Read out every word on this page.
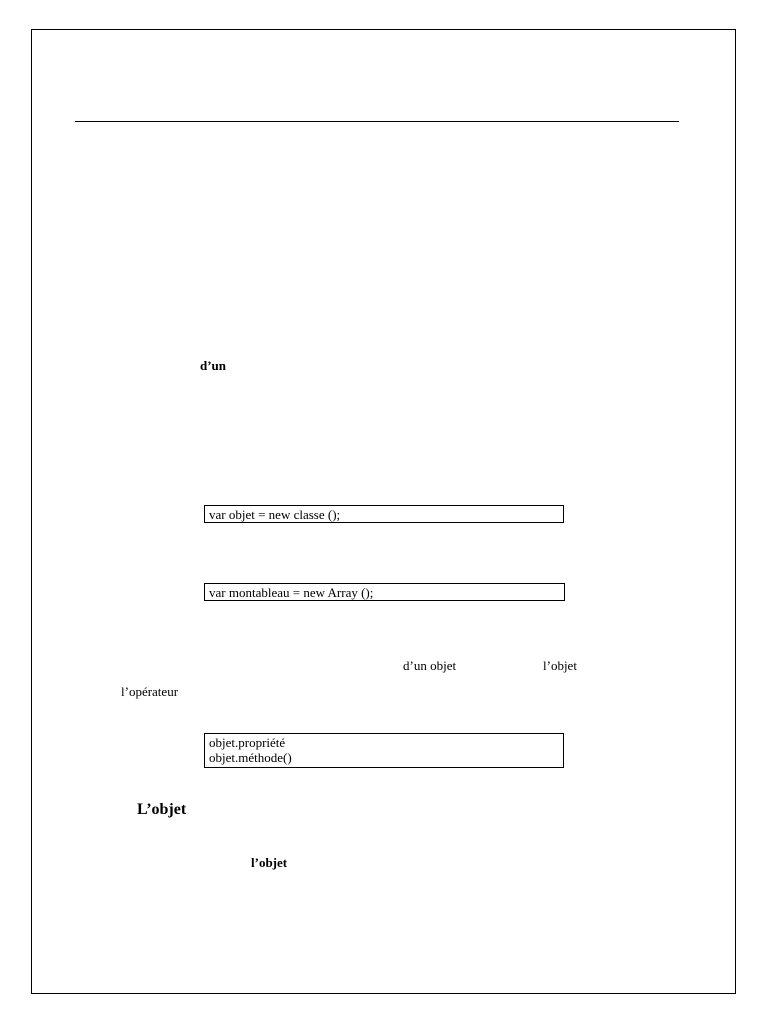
d’un
var objet = new classe ();
var montableau = new Array ();
d’un objet	l’objet
l’opérateur
objet.propriété
objet.méthode()
L’objet
l’objet
